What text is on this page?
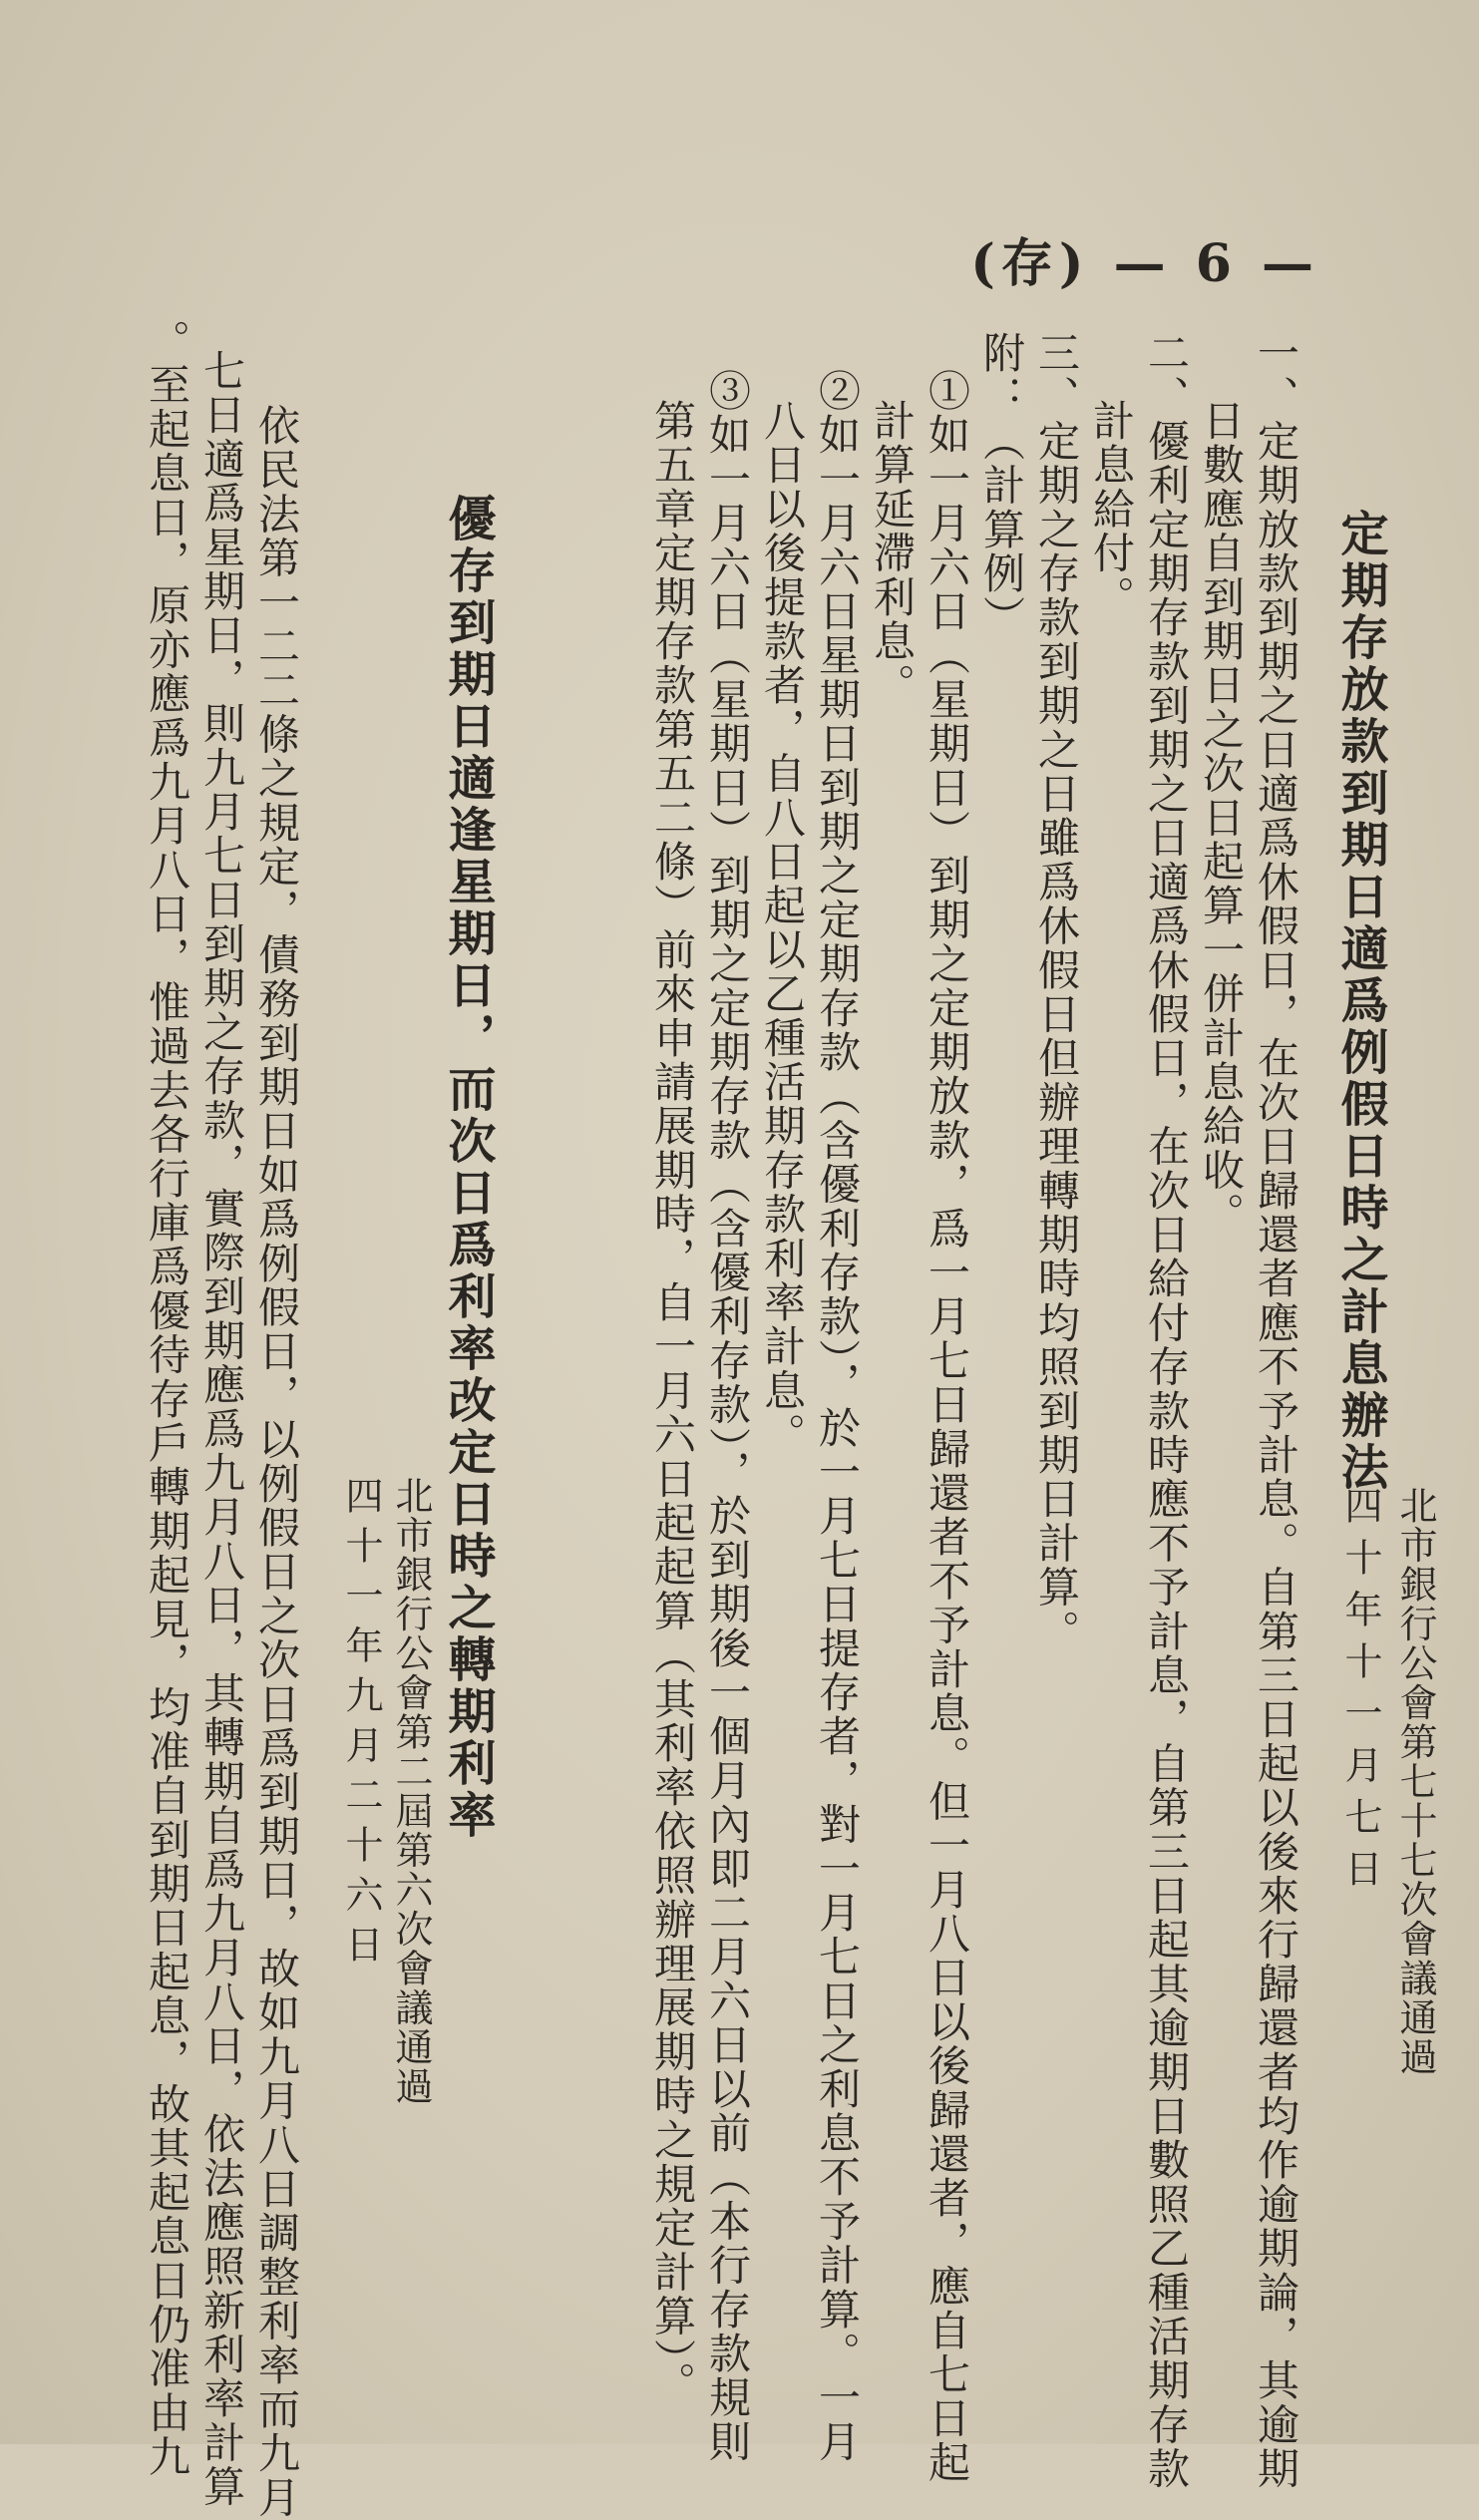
(存) — 6 —
定期存放款到期日適爲例假日時之計息辦法
北市銀行公會第七十七次會議通過
四十年十一月七日
一、定期放款到期之日適爲休假日，在次日歸還者應不予計息。自第三日起以後來行歸還者均作逾期論，其逾期
日數應自到期日之次日起算一併計息給收。
二、優利定期存款到期之日適爲休假日，在次日給付存款時應不予計息，自第三日起其逾期日數照乙種活期存款
計息給付。
三、定期之存款到期之日雖爲休假日但辦理轉期時均照到期日計算。
附：（計算例）
①如一月六日（星期日）到期之定期放款，爲一月七日歸還者不予計息。但一月八日以後歸還者，應自七日起
計算延滯利息。
②如一月六日星期日到期之定期存款（含優利存款），於一月七日提存者，對一月七日之利息不予計算。一月
八日以後提款者，自八日起以乙種活期存款利率計息。
③如一月六日（星期日）到期之定期存款（含優利存款），於到期後一個月內即二月六日以前（本行存款規則
第五章定期存款第五二條）前來申請展期時，自一月六日起起算（其利率依照辦理展期時之規定計算）。
優存到期日適逢星期日，而次日爲利率改定日時之轉期利率
北市銀行公會第二屆第六次會議通過
四十一年九月二十六日
依民法第一二二條之規定，債務到期日如爲例假日，以例假日之次日爲到期日，故如九月八日調整利率而九月
七日適爲星期日，則九月七日到期之存款，實際到期應爲九月八日，其轉期自爲九月八日，依法應照新利率計算
。至起息日，原亦應爲九月八日，惟過去各行庫爲優待存戶轉期起見，均准自到期日起息，故其起息日仍准由九
